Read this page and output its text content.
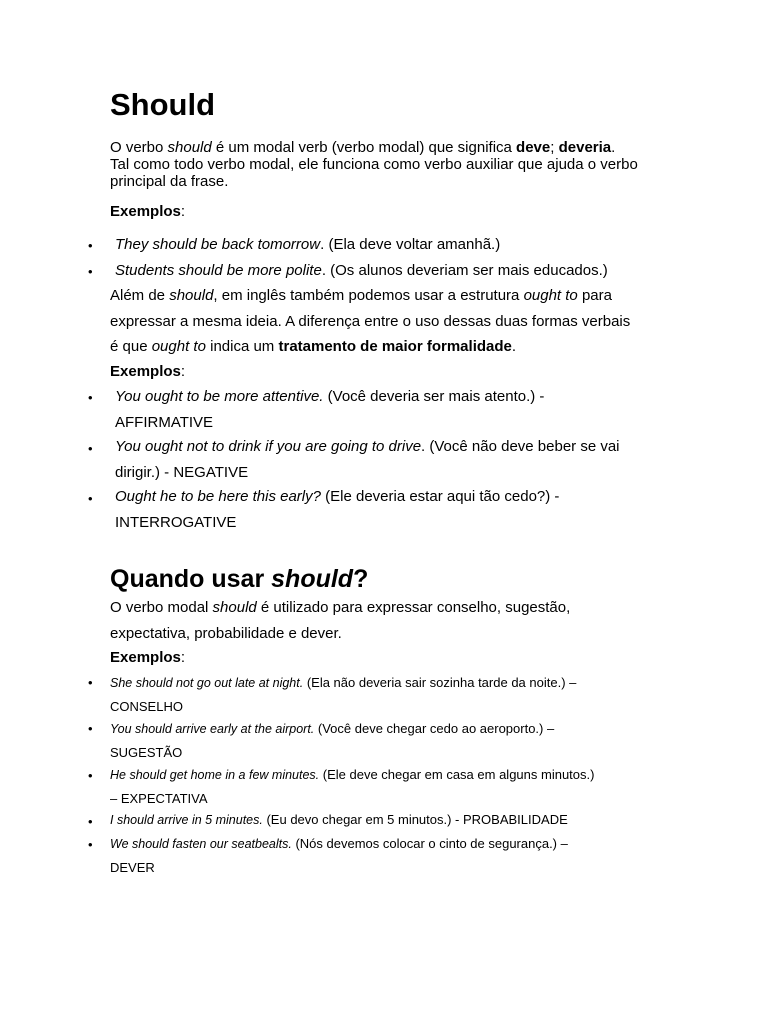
Should
O verbo should é um modal verb (verbo modal) que significa deve; deveria.
Tal como todo verbo modal, ele funciona como verbo auxiliar que ajuda o verbo
principal da frase.
Exemplos:
• They should be back tomorrow. (Ela deve voltar amanhã.)
• Students should be more polite. (Os alunos deveriam ser mais educados.)
Além de should, em inglês também podemos usar a estrutura ought to para
expressar a mesma ideia. A diferença entre o uso dessas duas formas verbais
é que ought to indica um tratamento de maior formalidade.
Exemplos:
• You ought to be more attentive. (Você deveria ser mais atento.) -
AFFIRMATIVE
• You ought not to drink if you are going to drive. (Você não deve beber se vai
dirigir.) - NEGATIVE
• Ought he to be here this early? (Ele deveria estar aqui tão cedo?) -
INTERROGATIVE
Quando usar should?
O verbo modal should é utilizado para expressar conselho, sugestão,
expectativa, probabilidade e dever.
Exemplos:
• She should not go out late at night. (Ela não deveria sair sozinha tarde da noite.) –
CONSELHO
• You should arrive early at the airport. (Você deve chegar cedo ao aeroporto.) –
SUGESTÃO
• He should get home in a few minutes. (Ele deve chegar em casa em alguns minutos.)
– EXPECTATIVA
• I should arrive in 5 minutes. (Eu devo chegar em 5 minutos.) - PROBABILIDADE
• We should fasten our seatbealts. (Nós devemos colocar o cinto de segurança.) –
DEVER
